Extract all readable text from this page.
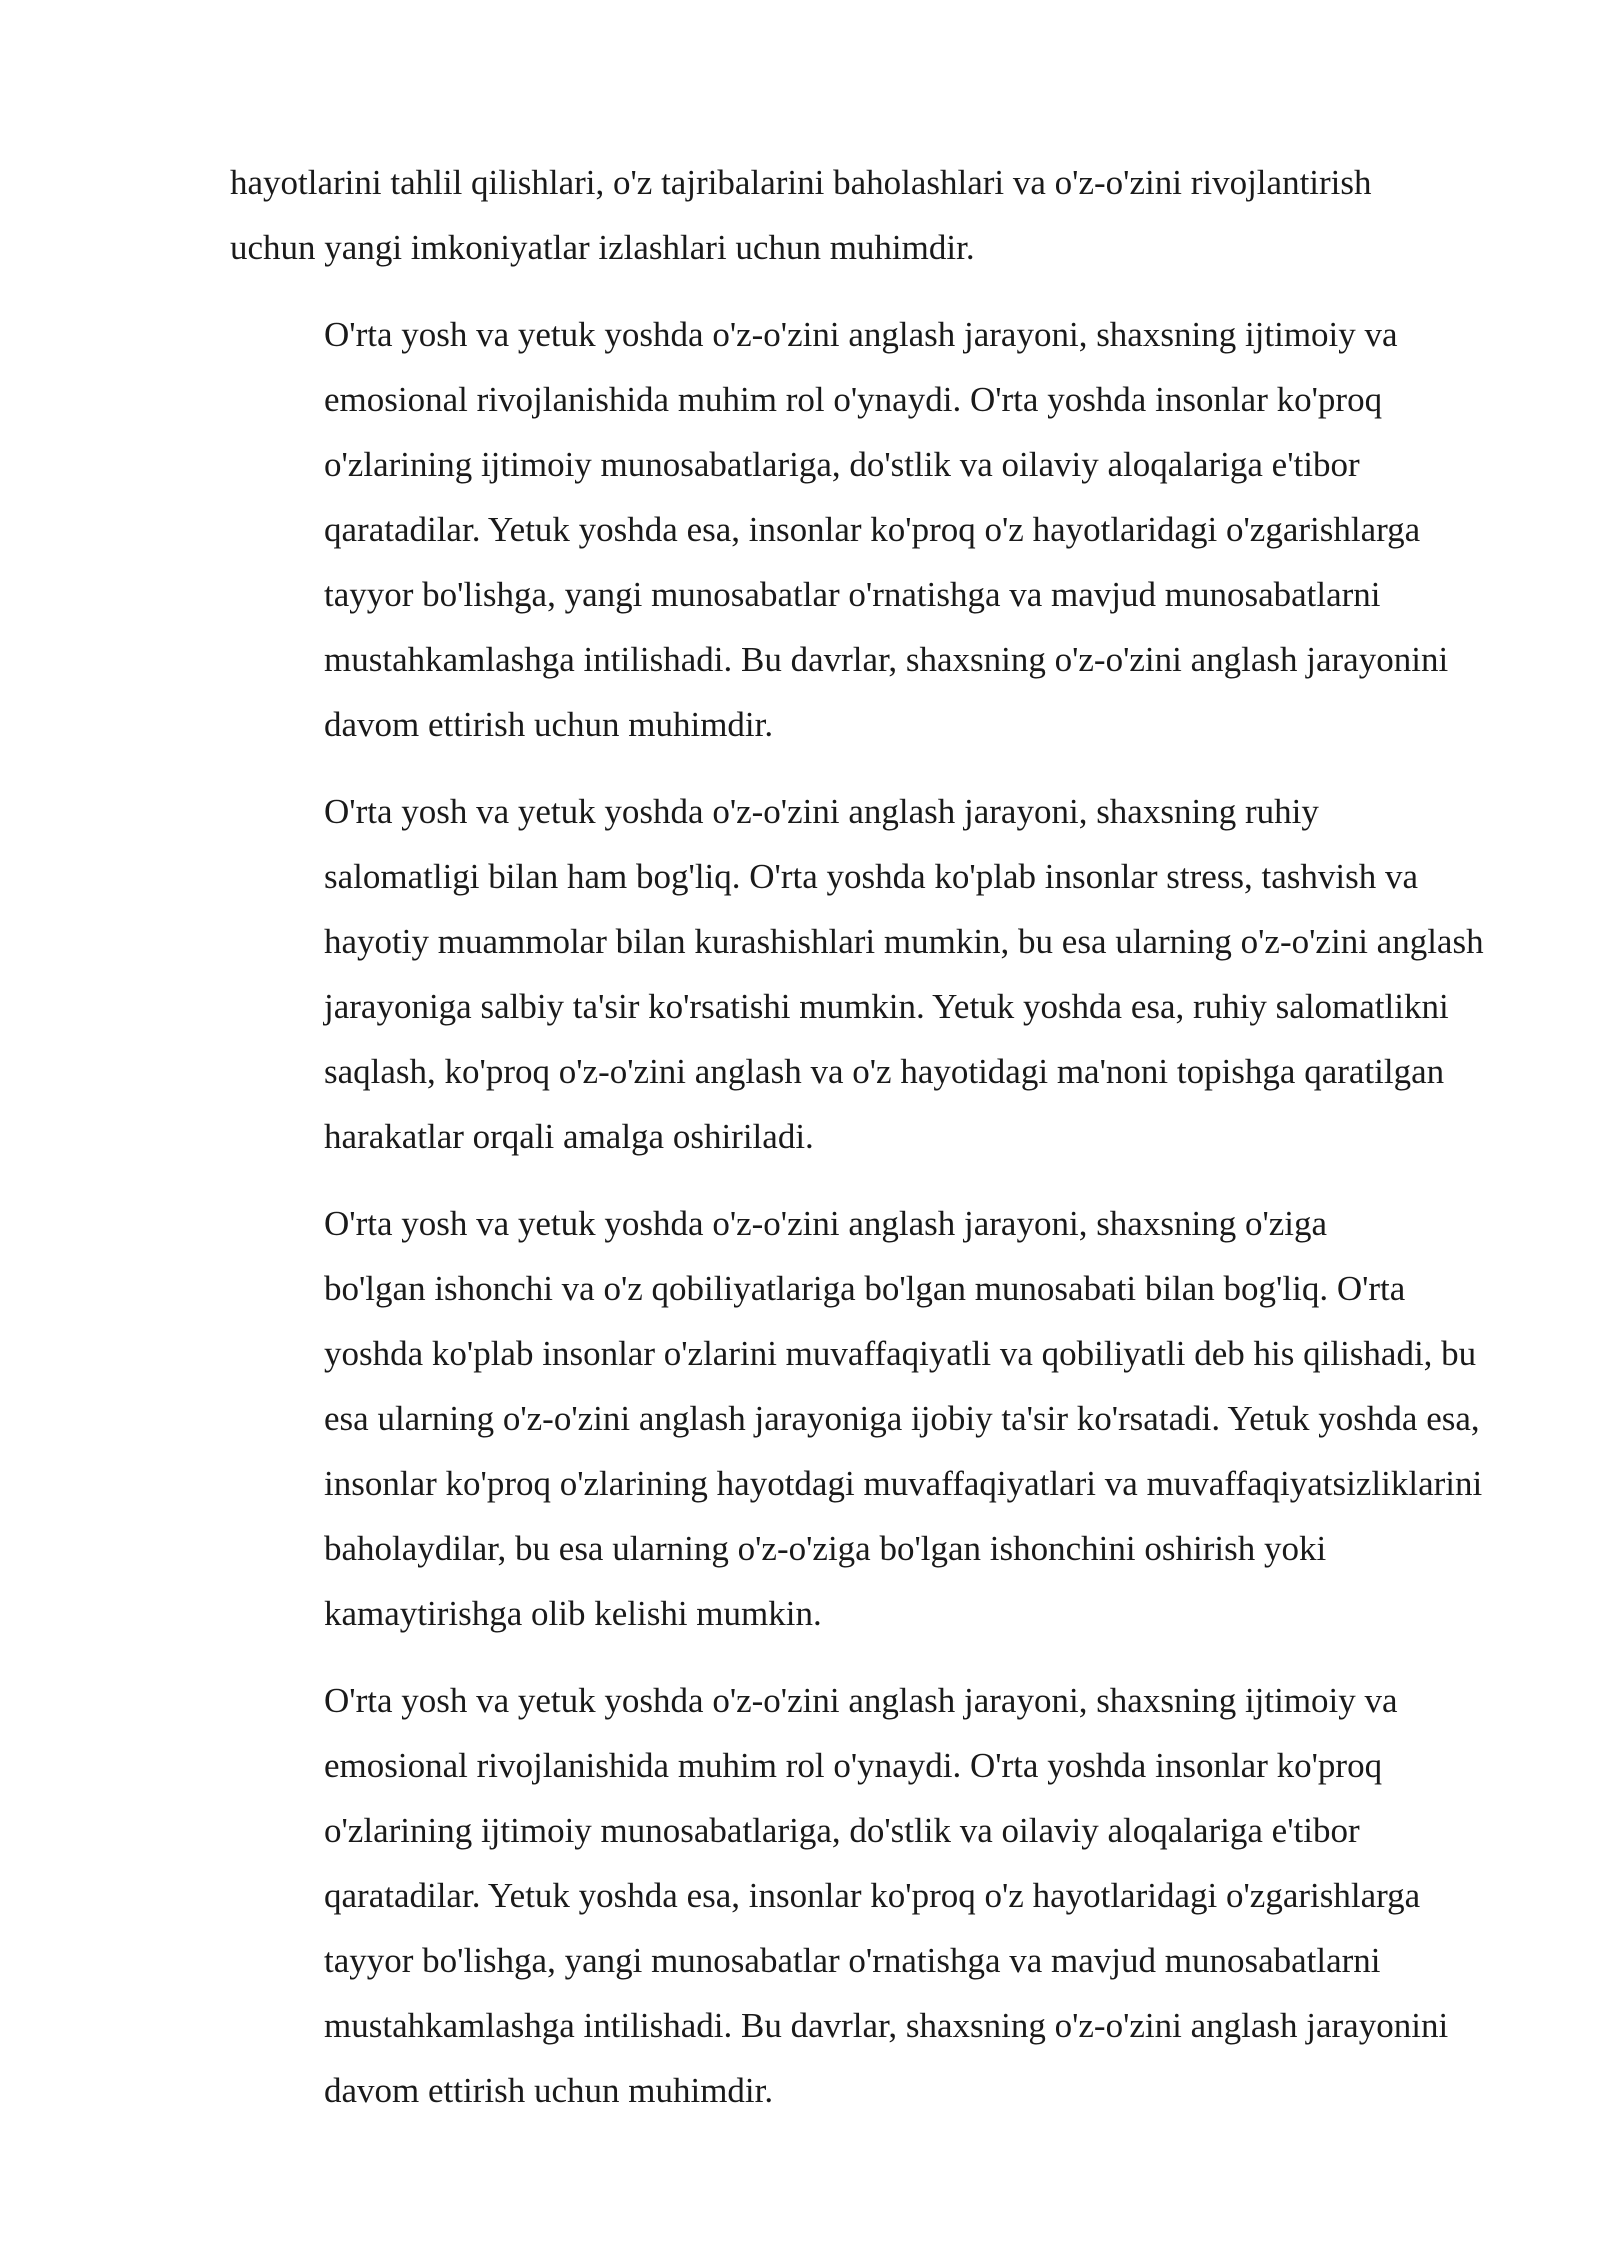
hayotlarini tahlil qilishlari, o'z tajribalarini baholashlari va o'z-o'zini rivojlantirish
uchun yangi imkoniyatlar izlashlari uchun muhimdir.

O'rta yosh va yetuk yoshda o'z-o'zini anglash jarayoni, shaxsning ijtimoiy va
emosional rivojlanishida muhim rol o'ynaydi. O'rta yoshda insonlar ko'proq
o'zlarining ijtimoiy munosabatlariga, do'stlik va oilaviy aloqalariga e'tibor
qaratadilar. Yetuk yoshda esa, insonlar ko'proq o'z hayotlaridagi o'zgarishlarga
tayyor bo'lishga, yangi munosabatlar o'rnatishga va mavjud munosabatlarni
mustahkamlashga intilishadi. Bu davrlar, shaxsning o'z-o'zini anglash jarayonini
davom ettirish uchun muhimdir.

O'rta yosh va yetuk yoshda o'z-o'zini anglash jarayoni, shaxsning ruhiy
salomatligi bilan ham bog'liq. O'rta yoshda ko'plab insonlar stress, tashvish va
hayotiy muammolar bilan kurashishlari mumkin, bu esa ularning o'z-o'zini anglash
jarayoniga salbiy ta'sir ko'rsatishi mumkin. Yetuk yoshda esa, ruhiy salomatlikni
saqlash, ko'proq o'z-o'zini anglash va o'z hayotidagi ma'noni topishga qaratilgan
harakatlar orqali amalga oshiriladi.

O'rta yosh va yetuk yoshda o'z-o'zini anglash jarayoni, shaxsning o'ziga
bo'lgan ishonchi va o'z qobiliyatlariga bo'lgan munosabati bilan bog'liq. O'rta
yoshda ko'plab insonlar o'zlarini muvaffaqiyatli va qobiliyatli deb his qilishadi, bu
esa ularning o'z-o'zini anglash jarayoniga ijobiy ta'sir ko'rsatadi. Yetuk yoshda esa,
insonlar ko'proq o'zlarining hayotdagi muvaffaqiyatlari va muvaffaqiyatsizliklarini
baholaydilar, bu esa ularning o'z-o'ziga bo'lgan ishonchini oshirish yoki
kamaytirishga olib kelishi mumkin.

O'rta yosh va yetuk yoshda o'z-o'zini anglash jarayoni, shaxsning ijtimoiy va
emosional rivojlanishida muhim rol o'ynaydi. O'rta yoshda insonlar ko'proq
o'zlarining ijtimoiy munosabatlariga, do'stlik va oilaviy aloqalariga e'tibor
qaratadilar. Yetuk yoshda esa, insonlar ko'proq o'z hayotlaridagi o'zgarishlarga
tayyor bo'lishga, yangi munosabatlar o'rnatishga va mavjud munosabatlarni
mustahkamlashga intilishadi. Bu davrlar, shaxsning o'z-o'zini anglash jarayonini
davom ettirish uchun muhimdir.
